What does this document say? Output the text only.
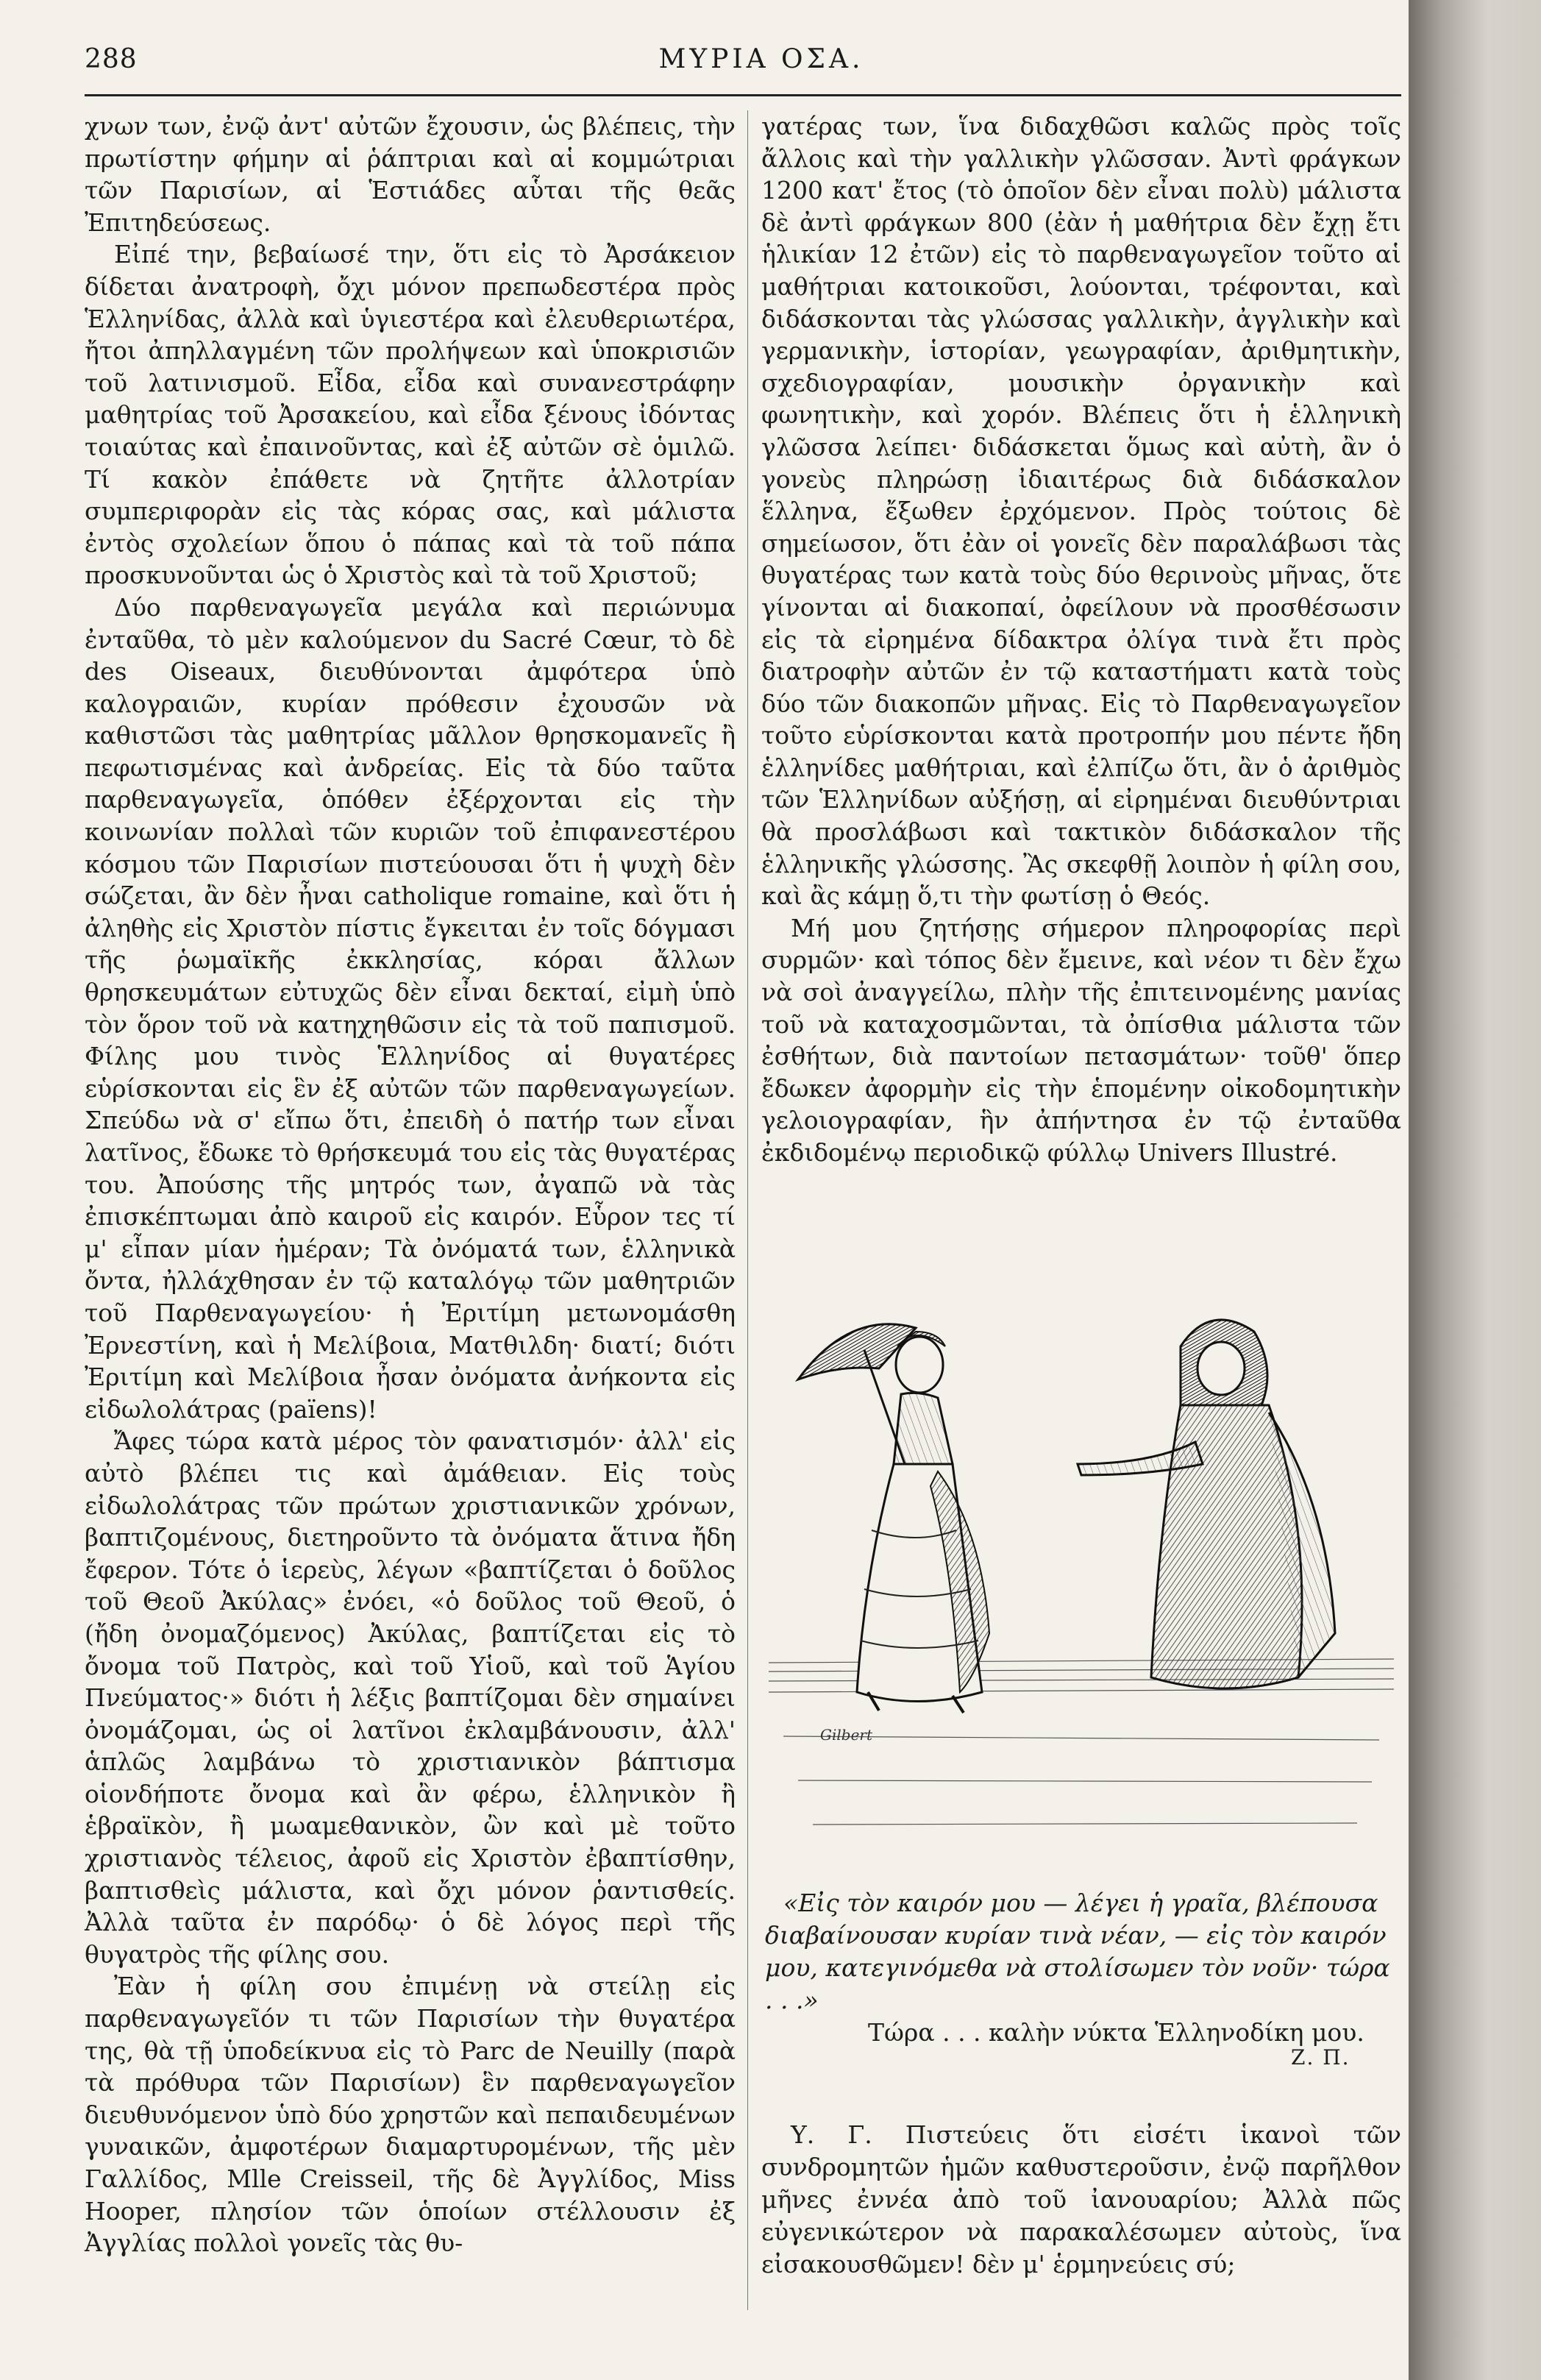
288	ΜΥΡΙΑ ΟΣΑ.

χνων των, ἐνῷ ἀντ' αὐτῶν ἔχουσιν, ὡς βλέπεις, τὴν πρωτίστην φήμην αἱ ῥάπτριαι καὶ αἱ κομμώτριαι τῶν Παρισίων, αἱ Ἑστιάδες αὗται τῆς θεᾶς Ἐπιτηδεύσεως.

Εἰπέ την, βεβαίωσέ την, ὅτι εἰς τὸ Ἀρσάκειον δίδεται ἀνατροφὴ, ὄχι μόνον πρεπωδεστέρα πρὸς Ἑλληνίδας, ἀλλὰ καὶ ὑγιεστέρα καὶ ἐλευθεριωτέρα, ἤτοι ἀπηλλαγμένη τῶν προλήψεων καὶ ὑποκρισιῶν τοῦ λατινισμοῦ. Εἶδα, εἶδα καὶ συνανεστράφην μαθητρίας τοῦ Ἀρσακείου, καὶ εἶδα ξένους ἰδόντας τοιαύτας καὶ ἐπαινοῦντας, καὶ ἐξ αὐτῶν σὲ ὁμιλῶ. Τί κακὸν ἐπάθετε νὰ ζητῆτε ἀλλοτρίαν συμπεριφορὰν εἰς τὰς κόρας σας, καὶ μάλιστα ἐντὸς σχολείων ὅπου ὁ πάπας καὶ τὰ τοῦ πάπα προσκυνοῦνται ὡς ὁ Χριστὸς καὶ τὰ τοῦ Χριστοῦ;

Δύο παρθεναγωγεῖα μεγάλα καὶ περιώνυμα ἐνταῦθα, τὸ μὲν καλούμενον du Sacré Cœur, τὸ δὲ des Oiseaux, διευθύνονται ἀμφότερα ὑπὸ καλογραιῶν, κυρίαν πρόθεσιν ἐχουσῶν νὰ καθιστῶσι τὰς μαθητρίας μᾶλλον θρησκομανεῖς ἢ πεφωτισμένας καὶ ἀνδρείας. Εἰς τὰ δύο ταῦτα παρθεναγωγεῖα, ὁπόθεν ἐξέρχονται εἰς τὴν κοινωνίαν πολλαὶ τῶν κυριῶν τοῦ ἐπιφανεστέρου κόσμου τῶν Παρισίων πιστεύουσαι ὅτι ἡ ψυχὴ δὲν σώζεται, ἂν δὲν ἦναι catholique romaine, καὶ ὅτι ἡ ἀληθὴς εἰς Χριστὸν πίστις ἔγκειται ἐν τοῖς δόγμασι τῆς ῥωμαϊκῆς ἐκκλησίας, κόραι ἄλλων θρησκευμάτων εὐτυχῶς δὲν εἶναι δεκταί, εἰμὴ ὑπὸ τὸν ὅρον τοῦ νὰ κατηχηθῶσιν εἰς τὰ τοῦ παπισμοῦ. Φίλης μου τινὸς Ἑλληνίδος αἱ θυγατέρες εὑρίσκονται εἰς ἓν ἐξ αὐτῶν τῶν παρθεναγωγείων. Σπεύδω νὰ σ' εἴπω ὅτι, ἐπειδὴ ὁ πατήρ των εἶναι λατῖνος, ἔδωκε τὸ θρήσκευμά του εἰς τὰς θυγατέρας του. Ἀπούσης τῆς μητρός των, ἀγαπῶ νὰ τὰς ἐπισκέπτωμαι ἀπὸ καιροῦ εἰς καιρόν. Εὗρον τες τί μ' εἶπαν μίαν ἡμέραν; Τὰ ὀνόματά των, ἑλληνικὰ ὄντα, ἠλλάχθησαν ἐν τῷ καταλόγῳ τῶν μαθητριῶν τοῦ Παρθεναγωγείου· ἡ Ἐριτίμη μετωνομάσθη Ἐρνεστίνη, καὶ ἡ Μελίβοια, Ματθιλδη· διατί; διότι Ἐριτίμη καὶ Μελίβοια ἦσαν ὀνόματα ἀνήκοντα εἰς εἰδωλολάτρας (païens)!

Ἄφες τώρα κατὰ μέρος τὸν φανατισμόν· ἀλλ' εἰς αὐτὸ βλέπει τις καὶ ἀμάθειαν. Εἰς τοὺς εἰδωλολάτρας τῶν πρώτων χριστιανικῶν χρόνων, βαπτιζομένους, διετηροῦντο τὰ ὀνόματα ἅτινα ἤδη ἔφερον. Τότε ὁ ἱερεὺς, λέγων «βαπτίζεται ὁ δοῦλος τοῦ Θεοῦ Ἀκύλας» ἐνόει, «ὁ δοῦλος τοῦ Θεοῦ, ὁ (ἤδη ὀνομαζόμενος) Ἀκύλας, βαπτίζεται εἰς τὸ ὄνομα τοῦ Πατρὸς, καὶ τοῦ Υἱοῦ, καὶ τοῦ Ἁγίου Πνεύματος·» διότι ἡ λέξις βαπτίζομαι δὲν σημαίνει ὀνομάζομαι, ὡς οἱ λατῖνοι ἐκλαμβάνουσιν, ἀλλ' ἁπλῶς λαμβάνω τὸ χριστιανικὸν βάπτισμα οἱονδήποτε ὄνομα καὶ ἂν φέρω, ἑλληνικὸν ἢ ἑβραϊκὸν, ἢ μωαμεθανικὸν, ὢν καὶ μὲ τοῦτο χριστιανὸς τέλειος, ἀφοῦ εἰς Χριστὸν ἐβαπτίσθην, βαπτισθεὶς μάλιστα, καὶ ὄχι μόνον ῥαντισθείς. Ἀλλὰ ταῦτα ἐν παρόδῳ· ὁ δὲ λόγος περὶ τῆς θυγατρὸς τῆς φίλης σου.

Ἐὰν ἡ φίλη σου ἐπιμένῃ νὰ στείλῃ εἰς παρθεναγωγεῖόν τι τῶν Παρισίων τὴν θυγατέρα της, θὰ τῇ ὑποδείκνυα εἰς τὸ Parc de Neuilly (παρὰ τὰ πρόθυρα τῶν Παρισίων) ἓν παρθεναγωγεῖον διευθυνόμενον ὑπὸ δύο χρηστῶν καὶ πεπαιδευμένων γυναικῶν, ἀμφοτέρων διαμαρτυρομένων, τῆς μὲν Γαλλίδος, Mlle Creisseil, τῆς δὲ Ἀγγλίδος, Miss Hooper, πλησίον τῶν ὁποίων στέλλουσιν ἐξ Ἀγγλίας πολλοὶ γονεῖς τὰς θυ-

γατέρας των, ἵνα διδαχθῶσι καλῶς πρὸς τοῖς ἄλλοις καὶ τὴν γαλλικὴν γλῶσσαν. Ἀντὶ φράγκων 1200 κατ' ἔτος (τὸ ὁποῖον δὲν εἶναι πολὺ) μάλιστα δὲ ἀντὶ φράγκων 800 (ἐὰν ἡ μαθήτρια δὲν ἔχῃ ἔτι ἡλικίαν 12 ἐτῶν) εἰς τὸ παρθεναγωγεῖον τοῦτο αἱ μαθήτριαι κατοικοῦσι, λούονται, τρέφονται, καὶ διδάσκονται τὰς γλώσσας γαλλικὴν, ἀγγλικὴν καὶ γερμανικὴν, ἱστορίαν, γεωγραφίαν, ἀριθμητικὴν, σχεδιογραφίαν, μουσικὴν ὀργανικὴν καὶ φωνητικὴν, καὶ χορόν. Βλέπεις ὅτι ἡ ἑλληνικὴ γλῶσσα λείπει· διδάσκεται ὅμως καὶ αὐτὴ, ἂν ὁ γονεὺς πληρώσῃ ἰδιαιτέρως διὰ διδάσκαλον ἕλληνα, ἔξωθεν ἐρχόμενον. Πρὸς τούτοις δὲ σημείωσον, ὅτι ἐὰν οἱ γονεῖς δὲν παραλάβωσι τὰς θυγατέρας των κατὰ τοὺς δύο θερινοὺς μῆνας, ὅτε γίνονται αἱ διακοπαί, ὀφείλουν νὰ προσθέσωσιν εἰς τὰ εἰρημένα δίδακτρα ὀλίγα τινὰ ἔτι πρὸς διατροφὴν αὐτῶν ἐν τῷ καταστήματι κατὰ τοὺς δύο τῶν διακοπῶν μῆνας. Εἰς τὸ Παρθεναγωγεῖον τοῦτο εὑρίσκονται κατὰ προτροπήν μου πέντε ἤδη ἑλληνίδες μαθήτριαι, καὶ ἐλπίζω ὅτι, ἂν ὁ ἀριθμὸς τῶν Ἑλληνίδων αὐξήσῃ, αἱ εἰρημέναι διευθύντριαι θὰ προσλάβωσι καὶ τακτικὸν διδάσκαλον τῆς ἑλληνικῆς γλώσσης. Ἂς σκεφθῇ λοιπὸν ἡ φίλη σου, καὶ ἂς κάμῃ ὅ,τι τὴν φωτίσῃ ὁ Θεός.

Μή μου ζητήσῃς σήμερον πληροφορίας περὶ συρμῶν· καὶ τόπος δὲν ἔμεινε, καὶ νέον τι δὲν ἔχω νὰ σοὶ ἀναγγείλω, πλὴν τῆς ἐπιτεινομένης μανίας τοῦ νὰ καταχοσμῶνται, τὰ ὀπίσθια μάλιστα τῶν ἐσθήτων, διὰ παντοίων πετασμάτων· τοῦθ' ὅπερ ἔδωκεν ἀφορμὴν εἰς τὴν ἑπομένην οἰκοδομητικὴν γελοιογραφίαν, ἣν ἀπήντησα ἐν τῷ ἐνταῦθα ἐκδιδομένῳ περιοδικῷ φύλλῳ Univers Illustré.

Gilbert

«Εἰς τὸν καιρόν μου — λέγει ἡ γραῖα, βλέπουσα διαβαίνουσαν κυρίαν τινὰ νέαν, — εἰς τὸν καιρόν μου, κατεγινόμεθα νὰ στολίσωμεν τὸν νοῦν· τώρα . . .»

Τώρα . . . καλὴν νύκτα Ἑλληνοδίκη μου.

Ζ. Π.

Υ. Γ. Πιστεύεις ὅτι εἰσέτι ἱκανοὶ τῶν συνδρομητῶν ἡμῶν καθυστεροῦσιν, ἐνῷ παρῆλθον μῆνες ἐννέα ἀπὸ τοῦ ἰανουαρίου; Ἀλλὰ πῶς εὐγενικώτερον νὰ παρακαλέσωμεν αὐτοὺς, ἵνα εἰσακουσθῶμεν! δὲν μ' ἑρμηνεύεις σύ;
